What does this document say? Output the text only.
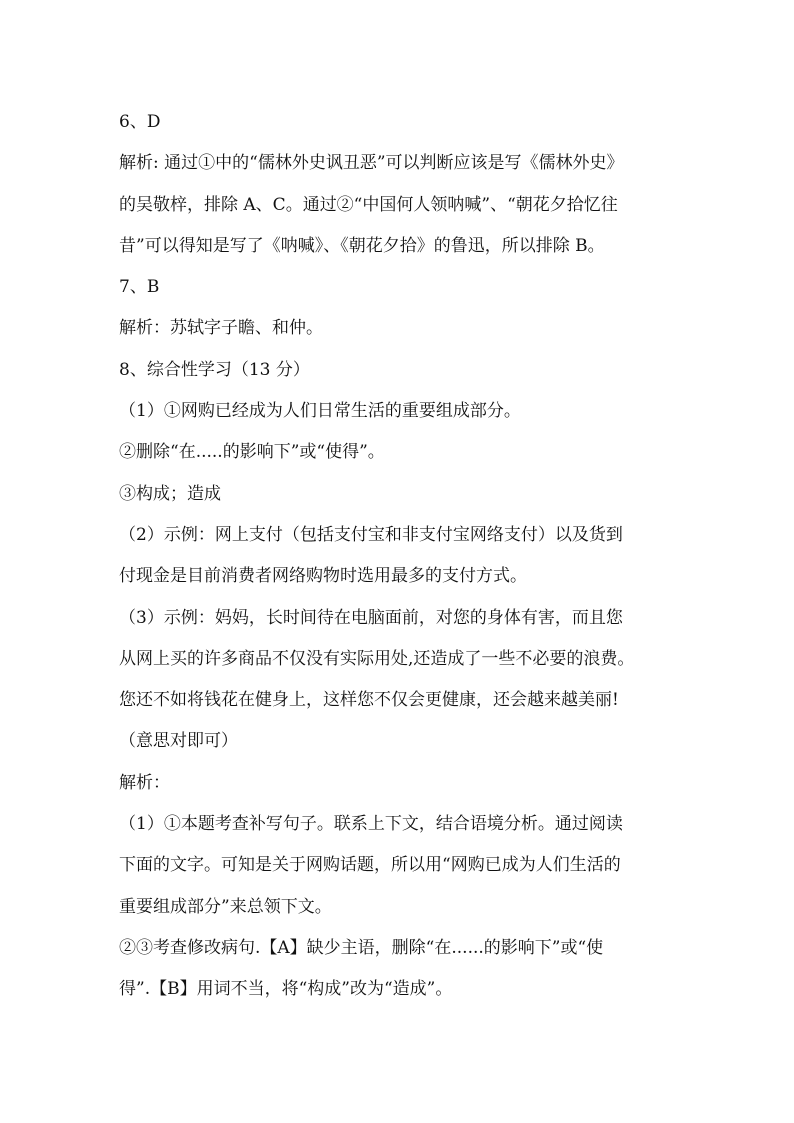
6、D
解析: 通过①中的“儒林外史讽丑恶”可以判断应该是写《儒林外史》
的吴敬梓，排除 A、C。通过②“中国何人领呐喊”、“朝花夕拾忆往
昔”可以得知是写了《呐喊》、《朝花夕拾》的鲁迅，所以排除 B。
7、B
解析：苏轼字子瞻、和仲。
8、综合性学习（13 分）
（1）①网购已经成为人们日常生活的重要组成部分。
②删除“在.....的影响下”或“使得”。
③构成；造成
（2）示例：网上支付（包括支付宝和非支付宝网络支付）以及货到
付现金是目前消费者网络购物时选用最多的支付方式。
（3）示例：妈妈，长时间待在电脑面前，对您的身体有害，而且您
从网上买的许多商品不仅没有实际用处,还造成了一些不必要的浪费。
您还不如将钱花在健身上，这样您不仅会更健康，还会越来越美丽!
（意思对即可）
解析：
（1）①本题考查补写句子。联系上下文，结合语境分析。通过阅读
下面的文字。可知是关于网购话题，所以用“网购已成为人们生活的
重要组成部分”来总领下文。
②③考查修改病句.【A】缺少主语，删除“在......的影响下”或“使
得”.【B】用词不当，将“构成”改为“造成”。
